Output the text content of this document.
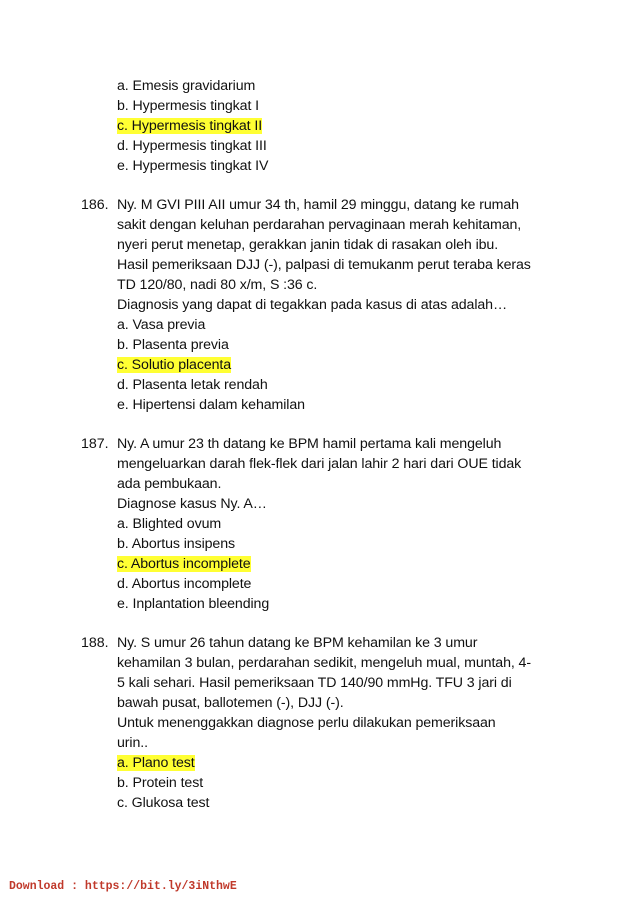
a. Emesis gravidarium
b. Hypermesis tingkat I
c. Hypermesis tingkat II
d. Hypermesis tingkat III
e. Hypermesis tingkat IV
186. Ny. M GVI PIII AII umur 34 th, hamil 29 minggu, datang ke rumah
sakit dengan keluhan perdarahan pervaginaan merah kehitaman,
nyeri perut menetap, gerakkan janin tidak di rasakan oleh ibu.
Hasil pemeriksaan DJJ (-), palpasi di temukanm perut teraba keras
TD 120/80, nadi 80 x/m, S :36 c.
Diagnosis yang dapat di tegakkan pada kasus di atas adalah…
a. Vasa previa
b. Plasenta previa
c. Solutio placenta
d. Plasenta letak rendah
e. Hipertensi dalam kehamilan
187. Ny. A umur 23 th datang ke BPM hamil pertama kali mengeluh
mengeluarkan darah flek-flek dari jalan lahir 2 hari dari OUE tidak
ada pembukaan.
Diagnose kasus Ny. A…
a. Blighted ovum
b. Abortus insipens
c. Abortus incomplete
d. Abortus incomplete
e. Inplantation bleending
188. Ny. S umur 26 tahun datang ke BPM kehamilan ke 3 umur
kehamilan 3 bulan, perdarahan sedikit, mengeluh mual, muntah, 4-
5 kali sehari. Hasil pemeriksaan TD 140/90 mmHg. TFU 3 jari di
bawah pusat, ballotemen (-), DJJ (-).
Untuk menenggakkan diagnose perlu dilakukan pemeriksaan
urin..
a. Plano test
b. Protein test
c. Glukosa test
Download : https://bit.ly/3iNthwE
